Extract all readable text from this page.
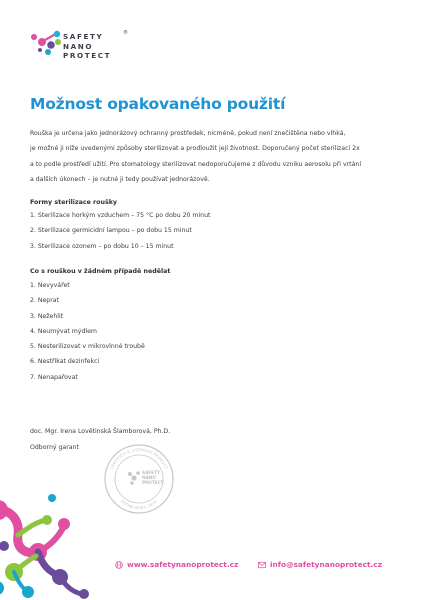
SAFETY
NANO
PROTECT
®
Možnost opakovaného použití

Rouška je určena jako jednorázový ochranný prostředek, nicméně, pokud není znečištěna nebo vlhká,

je možné ji níže uvedenými způsoby sterilizovat a prodloužit její životnost. Doporučený počet sterilizací 2x

a to podle prostředí užití. Pro stomatology sterilizovat nedoporučujeme z důvodu vzniku aerosolu při vrtání

a dalších úkonech – je nutné ji tedy používat jednorázově.

Formy sterilizace roušky
1. Sterilizace horkým vzduchem – 75 °C po dobu 20 minut
2. Sterilizace germicidní lampou – po dobu 15 minut
3. Sterilizace ozonem – po dobu 10 – 15 minut
Co s rouškou v žádném případě nedělat
1. Nevyvářet
2. Neprat
3. Nežehlit
4. Neumývat mýdlem
5. Nesterilizovat v mikrovlnné troubě
6. Nestříkat dezinfekcí
7. Nenapařovat

doc. Mgr. Irena Lovětinská Šlamborová, Ph.D.

Odborný garant

CERTIFIED & LICENSED PRODUCT
ESTABLISHED 2020
SAFETY
NANO
PROTECT
www.safetynanoprotect.cz	info@safetynanoprotect.cz
